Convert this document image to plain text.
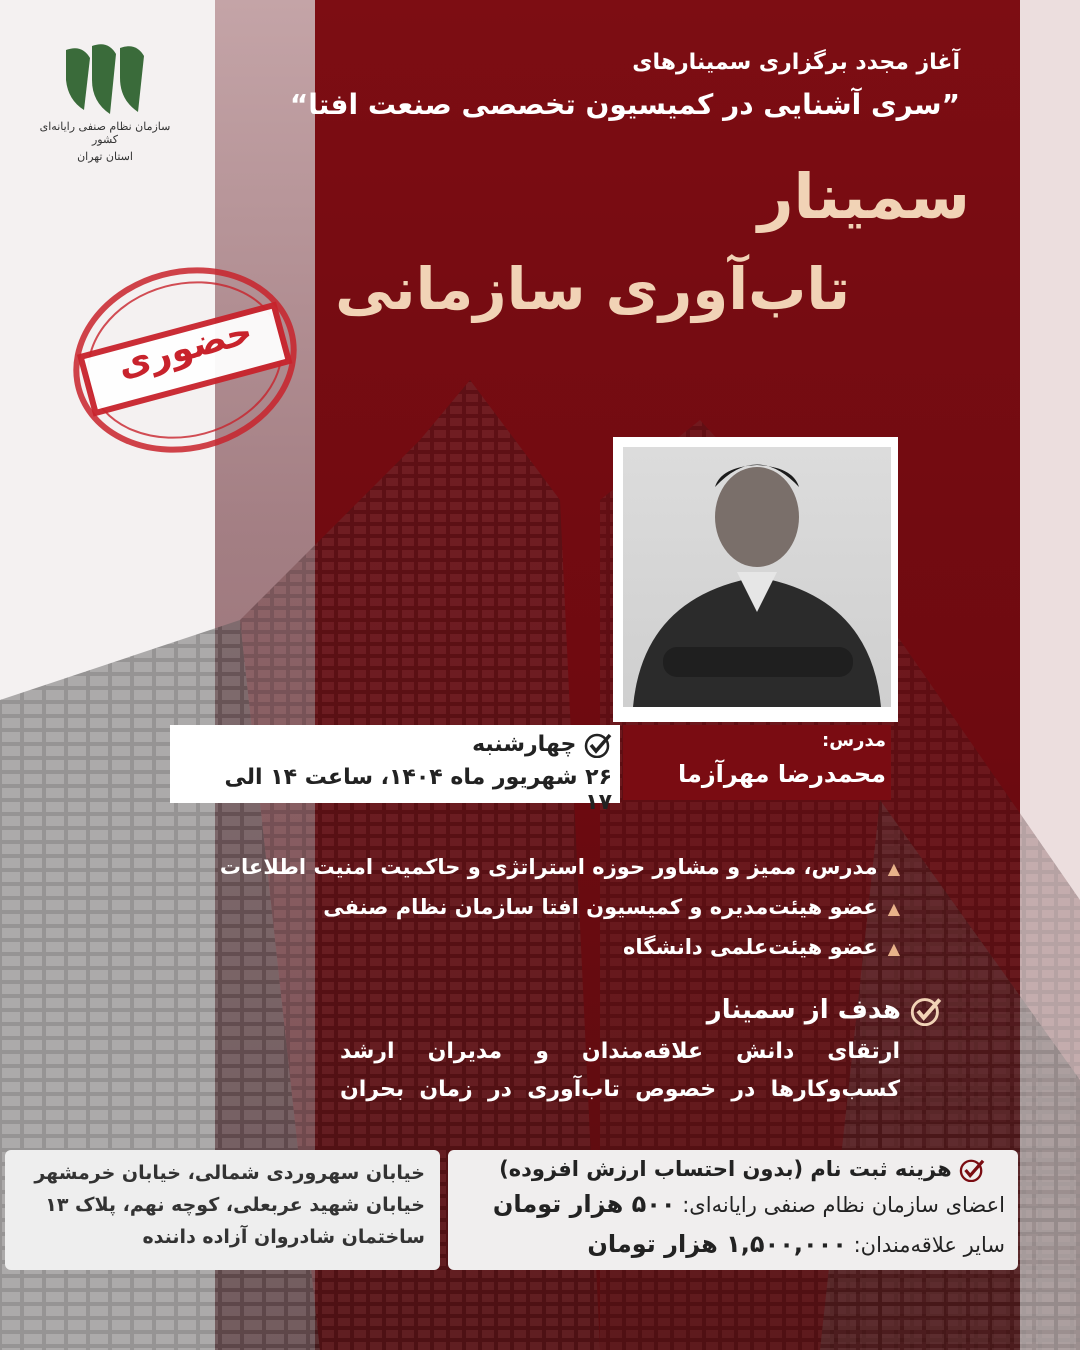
سازمان نظام صنفی رایانه‌ای کشور
استان تهران
آغاز مجدد برگزاری سمینارهای
”سری آشنایی در کمیسیون تخصصی صنعت افتا“
سمینار
تاب‌آوری سازمانی
حضوری
مدرس:
محمدرضا مهرآزما
چهارشنبه
۲۶ شهریور ماه ۱۴۰۴، ساعت ۱۴ الی ۱۷
▲مدرس، ممیز و مشاور حوزه استراتژی و حاکمیت امنیت اطلاعات
▲عضو هیئت‌مدیره و کمیسیون افتا سازمان نظام صنفی
▲عضو هیئت‌علمی دانشگاه
هدف از سمینار
ارتقای دانش علاقه‌مندان و مدیران ارشد
کسب‌وکارها در خصوص تاب‌آوری در زمان بحران
خیابان سهروردی شمالی، خیابان خرمشهر
خیابان شهید عربعلی، کوچه نهم، پلاک ۱۳
ساختمان شادروان آزاده داننده
هزینه ثبت نام (بدون احتساب ارزش افزوده)
اعضای سازمان نظام صنفی رایانه‌ای: ۵۰۰ هزار تومان
سایر علاقه‌مندان: ۱,۵۰۰,۰۰۰ هزار تومان
